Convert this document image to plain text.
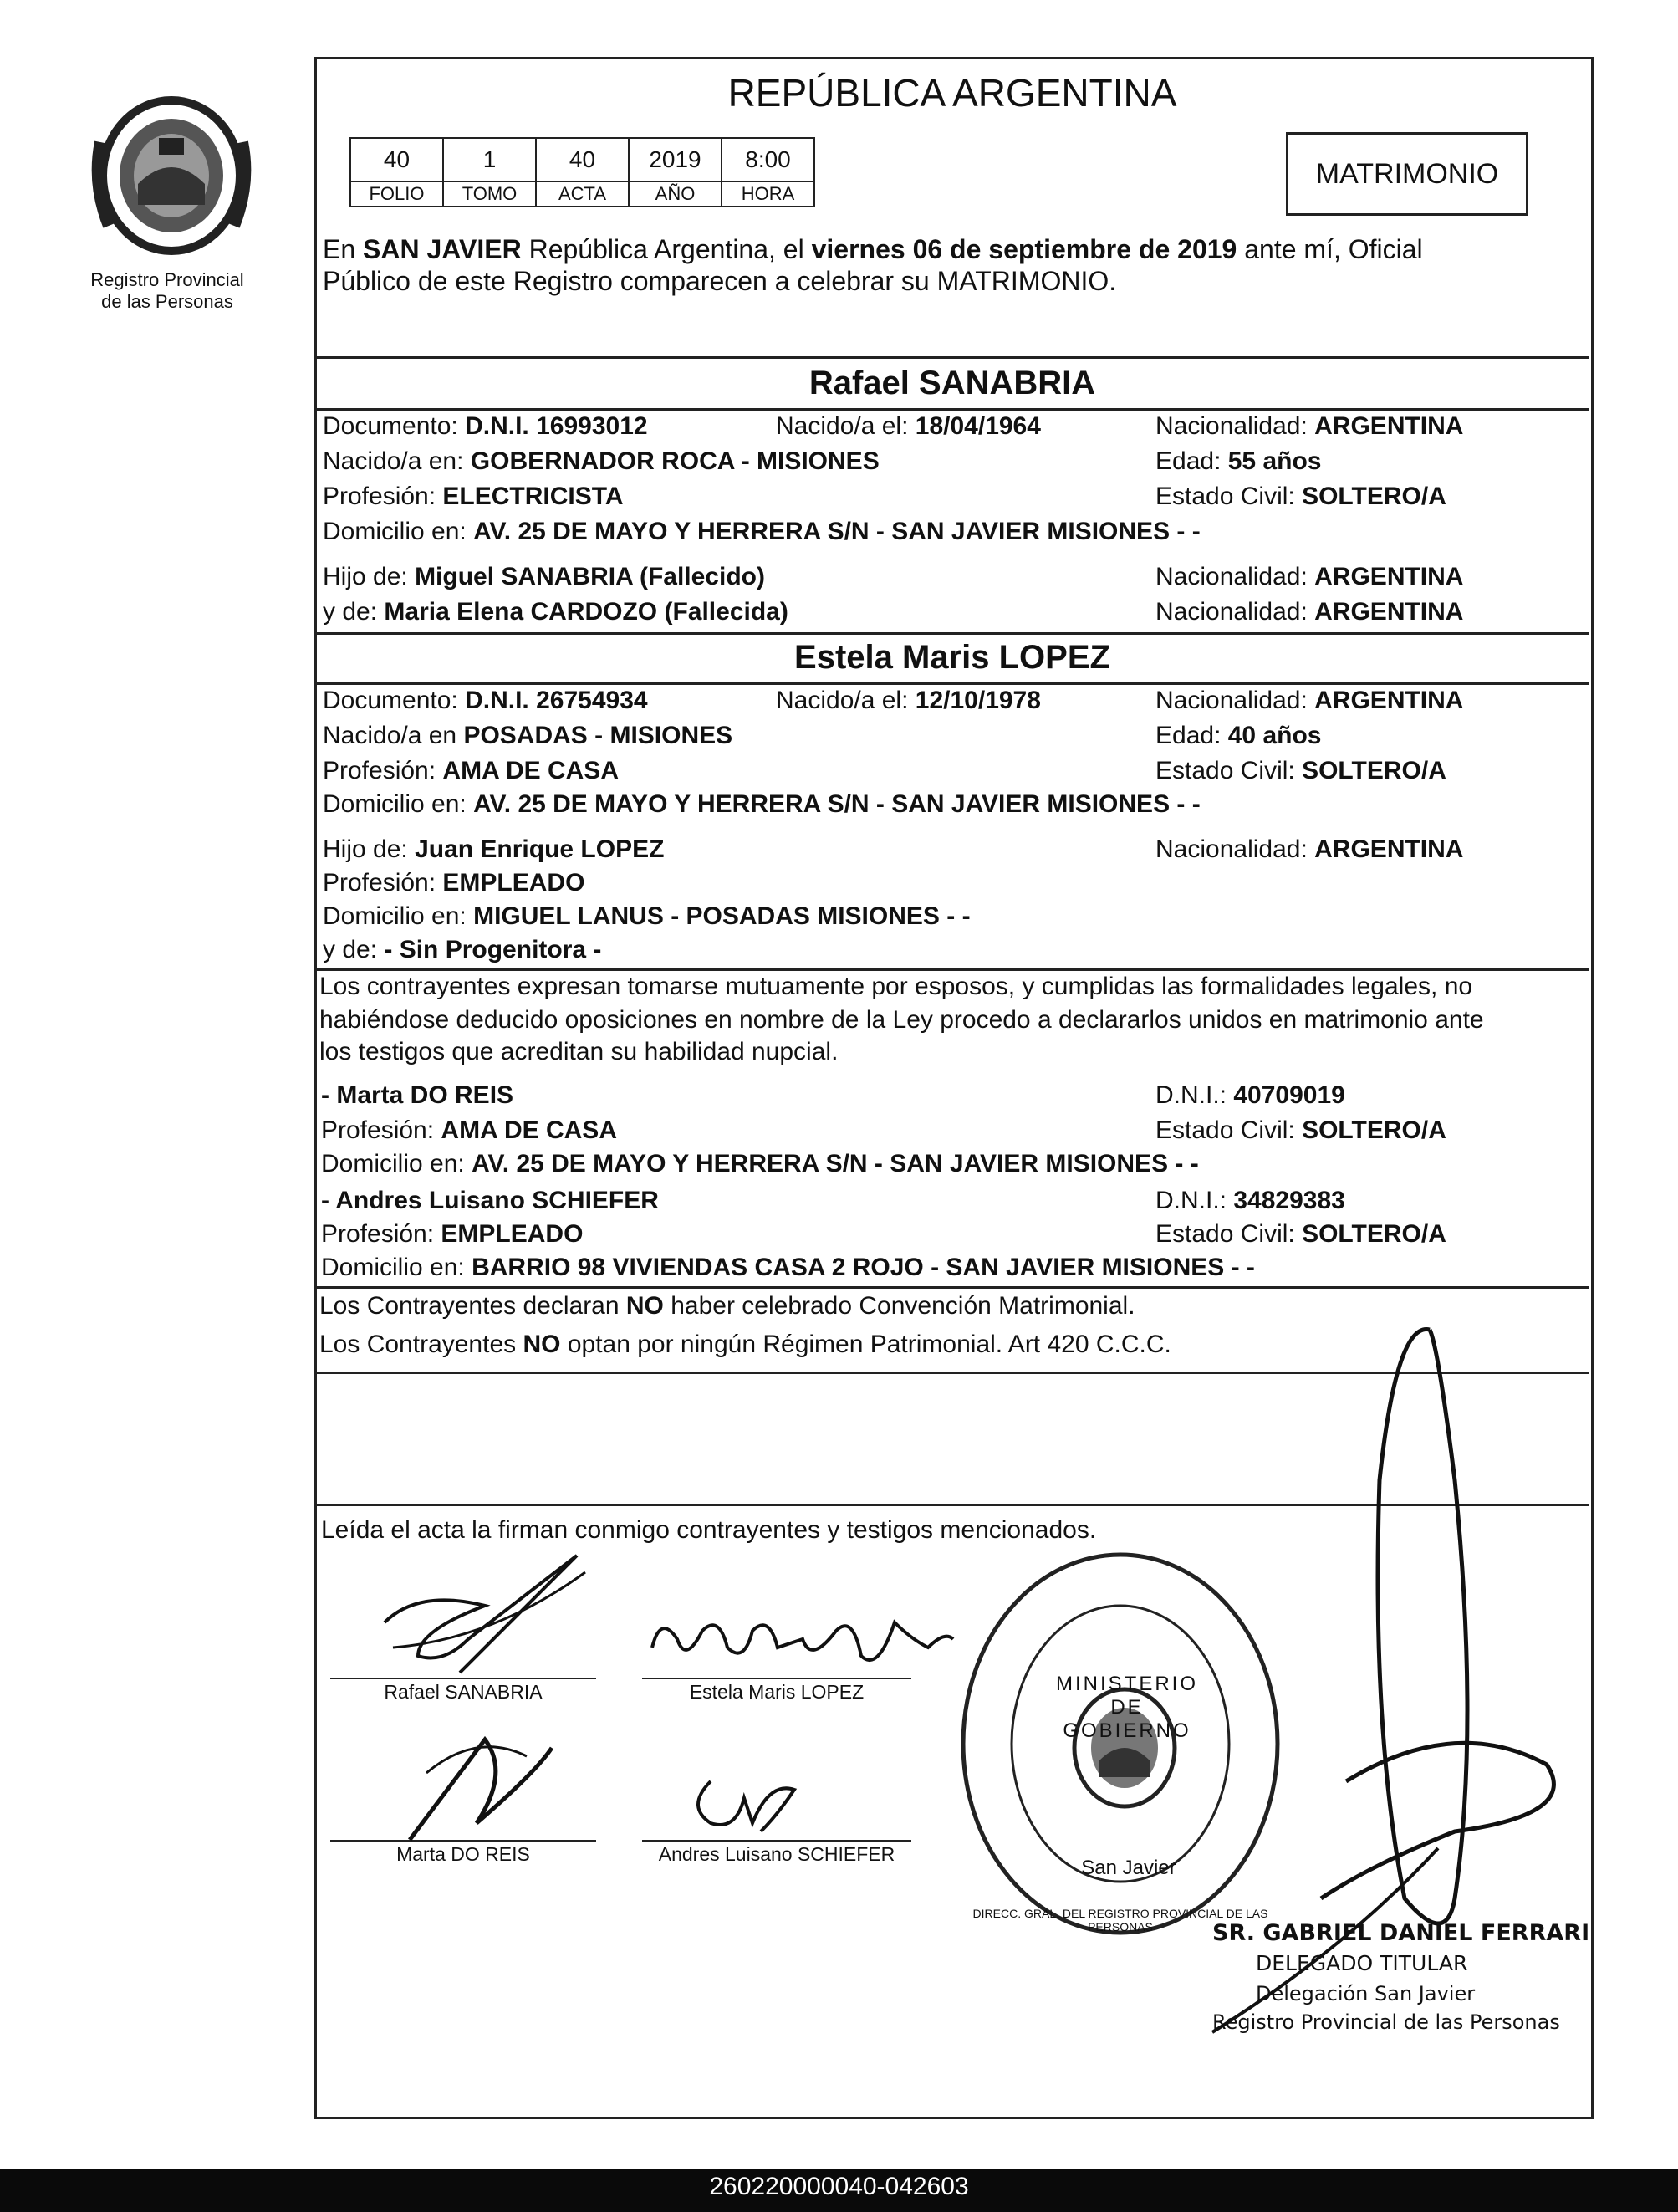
Registro Provincial
de las Personas
REPÚBLICA ARGENTINA
40	1	40	2019	8:00
FOLIO	TOMO	ACTA	AÑO	HORA
MATRIMONIO
En SAN JAVIER República Argentina, el viernes 06 de septiembre de 2019 ante mí, Oficial
Público de este Registro comparecen a celebrar su MATRIMONIO.
Rafael SANABRIA
Documento: D.N.I. 16993012	Nacido/a el: 18/04/1964	Nacionalidad: ARGENTINA
Nacido/a en: GOBERNADOR ROCA - MISIONES	Edad: 55 años
Profesión: ELECTRICISTA	Estado Civil: SOLTERO/A
Domicilio en: AV. 25 DE MAYO Y HERRERA S/N - SAN JAVIER MISIONES - -
Hijo de: Miguel SANABRIA (Fallecido)	Nacionalidad: ARGENTINA
y de: Maria Elena CARDOZO (Fallecida)	Nacionalidad: ARGENTINA
Estela Maris LOPEZ
Documento: D.N.I. 26754934	Nacido/a el: 12/10/1978	Nacionalidad: ARGENTINA
Nacido/a en POSADAS - MISIONES	Edad: 40 años
Profesión: AMA DE CASA	Estado Civil: SOLTERO/A
Domicilio en: AV. 25 DE MAYO Y HERRERA S/N - SAN JAVIER MISIONES - -
Hijo de: Juan Enrique LOPEZ	Nacionalidad: ARGENTINA
Profesión: EMPLEADO
Domicilio en: MIGUEL LANUS - POSADAS MISIONES - -
y de: - Sin Progenitora -
Los contrayentes expresan tomarse mutuamente por esposos, y cumplidas las formalidades legales, no
habiéndose deducido oposiciones en nombre de la Ley procedo a declararlos unidos en matrimonio ante
los testigos que acreditan su habilidad nupcial.
- Marta DO REIS	D.N.I.: 40709019
Profesión: AMA DE CASA	Estado Civil: SOLTERO/A
Domicilio en: AV. 25 DE MAYO Y HERRERA S/N - SAN JAVIER MISIONES - -
- Andres Luisano SCHIEFER	D.N.I.: 34829383
Profesión: EMPLEADO	Estado Civil: SOLTERO/A
Domicilio en: BARRIO 98 VIVIENDAS CASA 2 ROJO - SAN JAVIER MISIONES - -
Los Contrayentes declaran NO haber celebrado Convención Matrimonial.
Los Contrayentes NO optan por ningún Régimen Patrimonial. Art 420 C.C.C.
Leída el acta la firman conmigo contrayentes y testigos mencionados.
Rafael SANABRIA	Estela Maris LOPEZ
Marta DO REIS	Andres Luisano SCHIEFER
MINISTERIO DE GOBIERNO
San Javier
DIRECC. GRAL. DEL REGISTRO PROVINCIAL DE LAS PERSONAS	SR. GABRIEL DANIEL FERRARI
DELEGADO TITULAR
Delegación San Javier
Registro Provincial de las Personas
260220000040-042603
